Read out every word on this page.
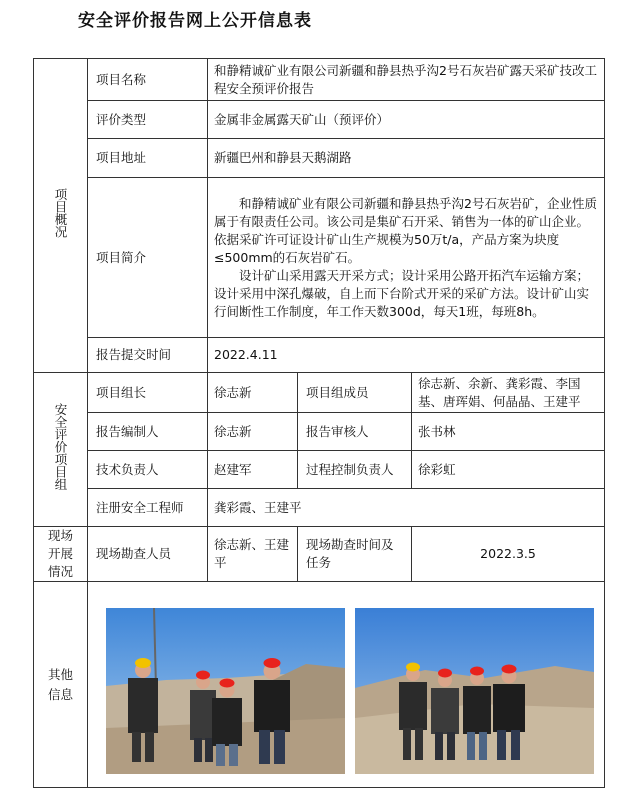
安全评价报告网上公开信息表
项目概况	项目名称	和静精诚矿业有限公司新疆和静县热乎沟2号石灰岩矿露天采矿技改工程安全预评价报告		
	评价类型	金属非金属露天矿山（预评价）		
	项目地址	新疆巴州和静县天鹅湖路		
	项目简介	和静精诚矿业有限公司新疆和静县热乎沟2号石灰岩矿，企业性质属于有限责任公司。该公司是集矿石开采、销售为一体的矿山企业。依据采矿许可证设计矿山生产规模为50万t/a，产品方案为块度≤500mm的石灰岩矿石。

设计矿山采用露天开采方式；设计采用公路开拓汽车运输方案；设计采用中深孔爆破，自上而下台阶式开采的采矿方法。设计矿山实行间断性工作制度，年工作天数300d，每天1班，每班8h。		

	报告提交时间	2022.4.11		
安全评价项目组	项目组长	徐志新	项目组成员	徐志新、余新、龚彩霞、李国基、唐珲娟、何晶晶、王建平
	报告编制人	徐志新	报告审核人	张书林
	技术负责人	赵建军	过程控制负责人	徐彩虹
	注册安全工程师	龚彩霞、王建平		
现场开展情况	现场勘查人员	徐志新、王建平	现场勘查时间及任务	2022.3.5
其他信息	
